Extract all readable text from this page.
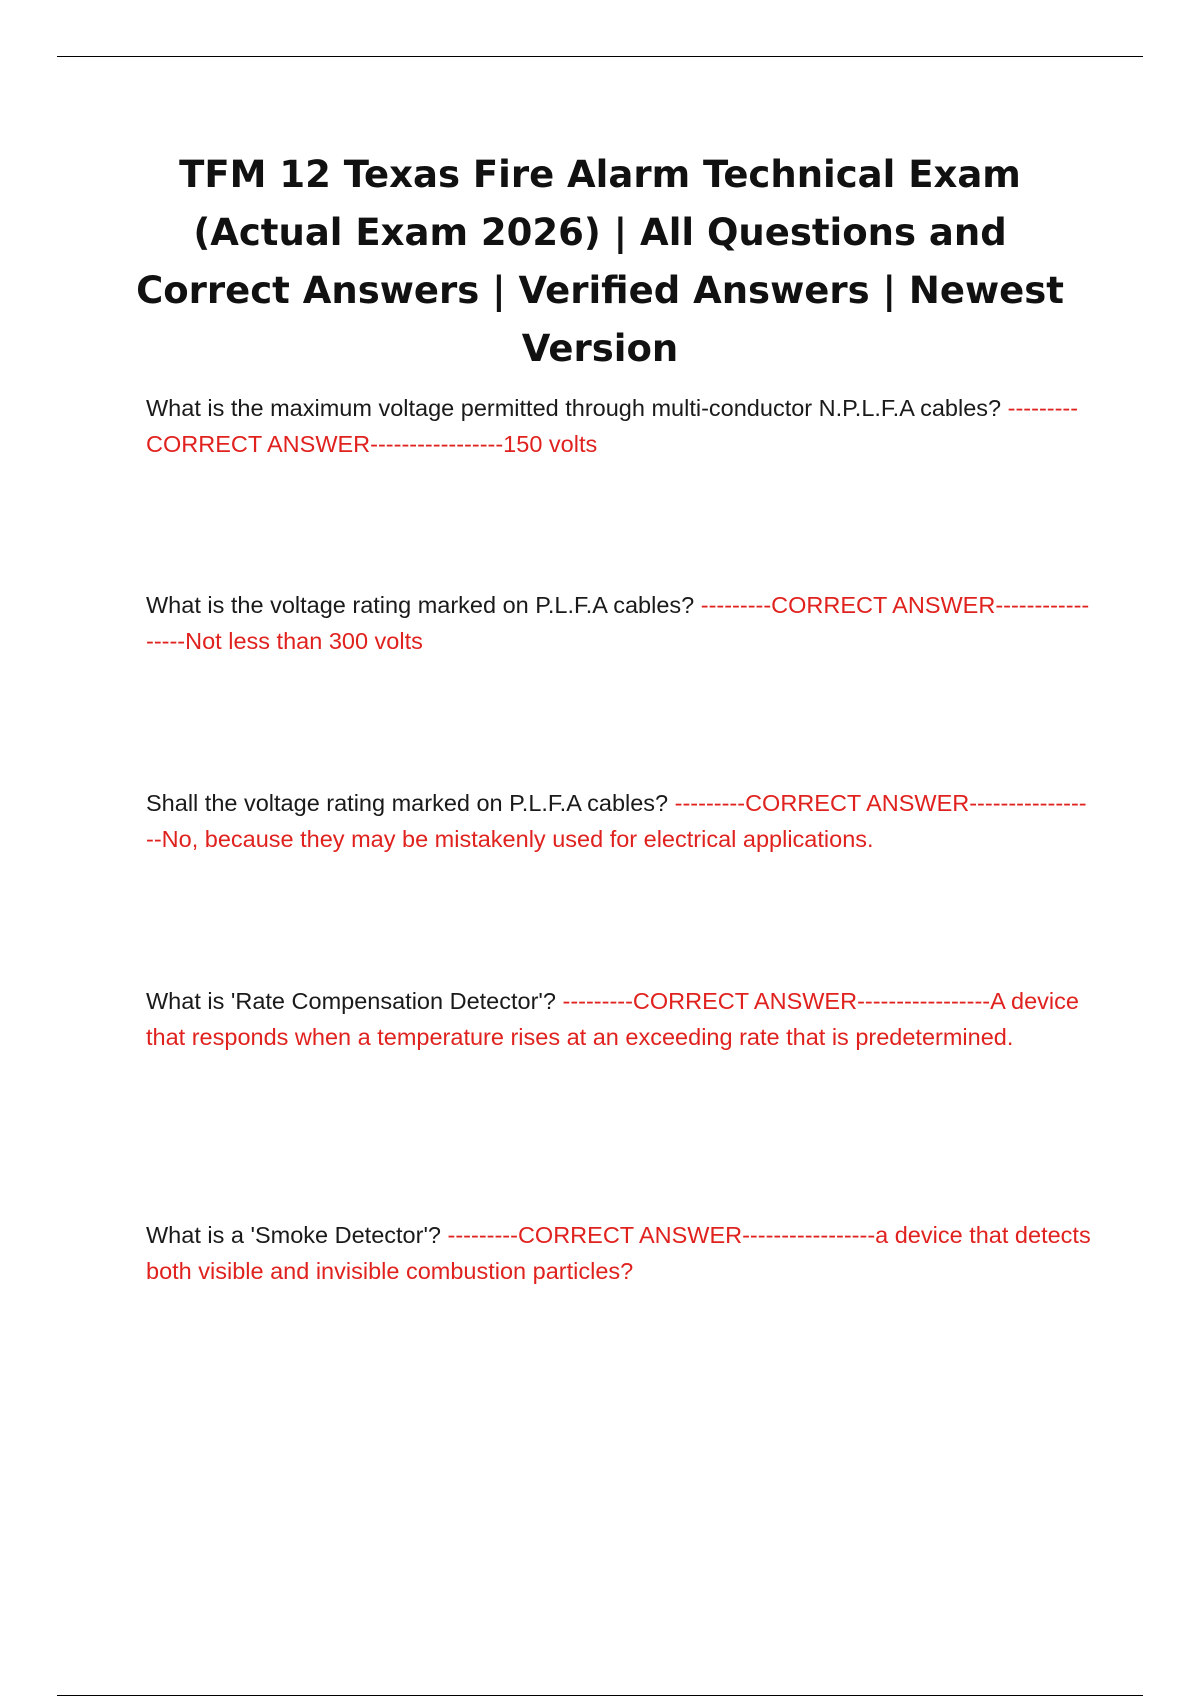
TFM 12 Texas Fire Alarm Technical Exam (Actual Exam 2026) | All Questions and Correct Answers | Verified Answers | Newest Version

What is the maximum voltage permitted through multi-conductor N.P.L.F.A cables? ---------CORRECT ANSWER-----------------150 volts

What is the voltage rating marked on P.L.F.A cables? ---------CORRECT ANSWER-----------------Not less than 300 volts

Shall the voltage rating marked on P.L.F.A cables? ---------CORRECT ANSWER-----------------No, because they may be mistakenly used for electrical applications.

What is 'Rate Compensation Detector'? ---------CORRECT ANSWER-----------------A device that responds when a temperature rises at an exceeding rate that is predetermined.

What is a 'Smoke Detector'? ---------CORRECT ANSWER-----------------a device that detects both visible and invisible combustion particles?
